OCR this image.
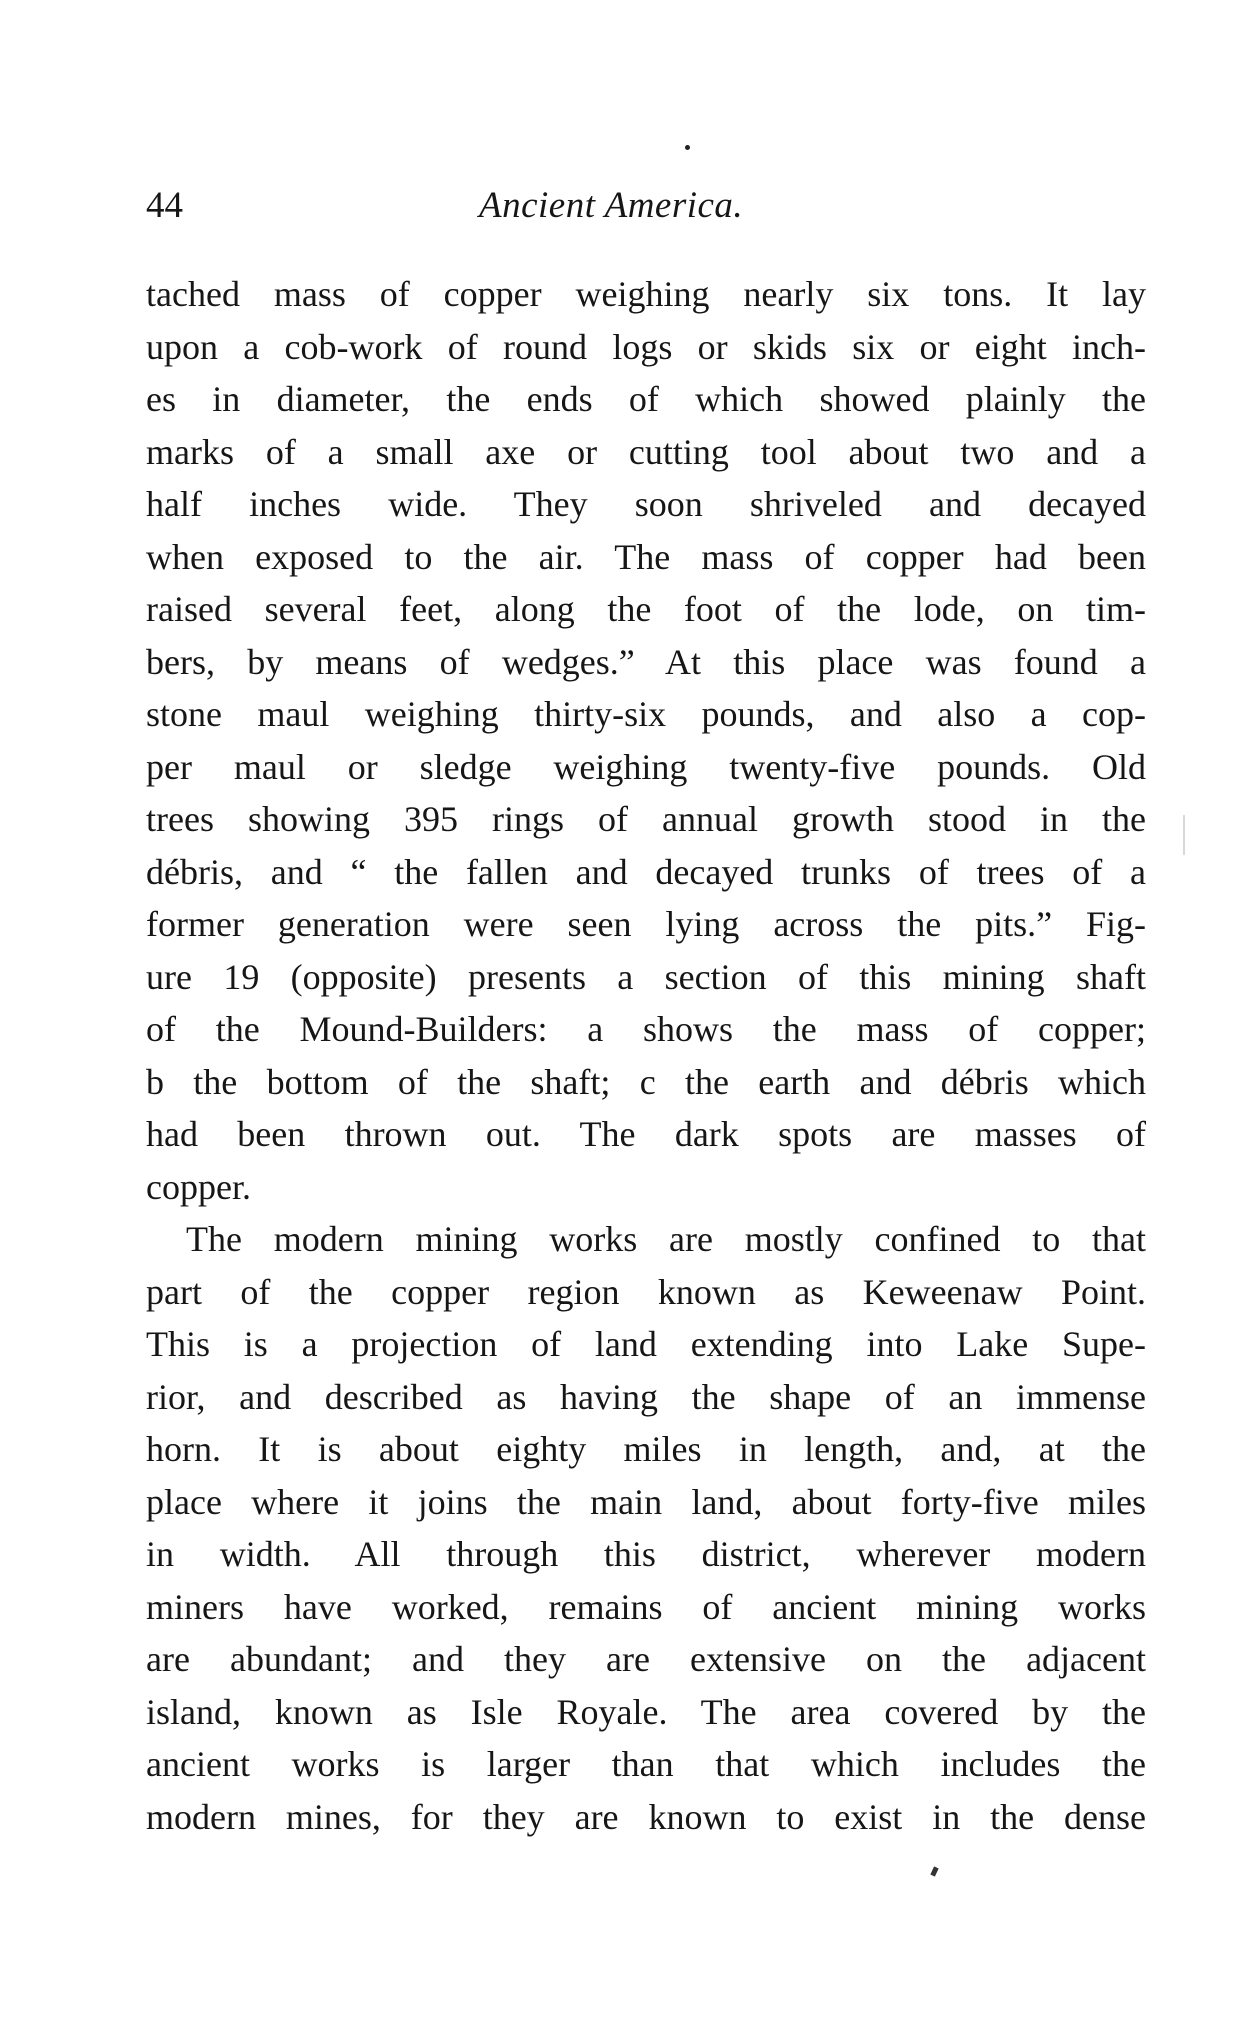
44	Ancient America.
tached mass of copper weighing nearly six tons. It lay
upon a cob-work of round logs or skids six or eight inch-
es in diameter, the ends of which showed plainly the
marks of a small axe or cutting tool about two and a
half inches wide. They soon shriveled and decayed
when exposed to the air. The mass of copper had been
raised several feet, along the foot of the lode, on tim-
bers, by means of wedges.” At this place was found a
stone maul weighing thirty-six pounds, and also a cop-
per maul or sledge weighing twenty-five pounds. Old
trees showing 395 rings of annual growth stood in the
débris, and “ the fallen and decayed trunks of trees of a
former generation were seen lying across the pits.” Fig-
ure 19 (opposite) presents a section of this mining shaft
of the Mound-Builders: a shows the mass of copper;
b the bottom of the shaft; c the earth and débris which
had been thrown out. The dark spots are masses of
copper.
The modern mining works are mostly confined to that
part of the copper region known as Keweenaw Point.
This is a projection of land extending into Lake Supe-
rior, and described as having the shape of an immense
horn. It is about eighty miles in length, and, at the
place where it joins the main land, about forty-five miles
in width. All through this district, wherever modern
miners have worked, remains of ancient mining works
are abundant; and they are extensive on the adjacent
island, known as Isle Royale. The area covered by the
ancient works is larger than that which includes the
modern mines, for they are known to exist in the dense
